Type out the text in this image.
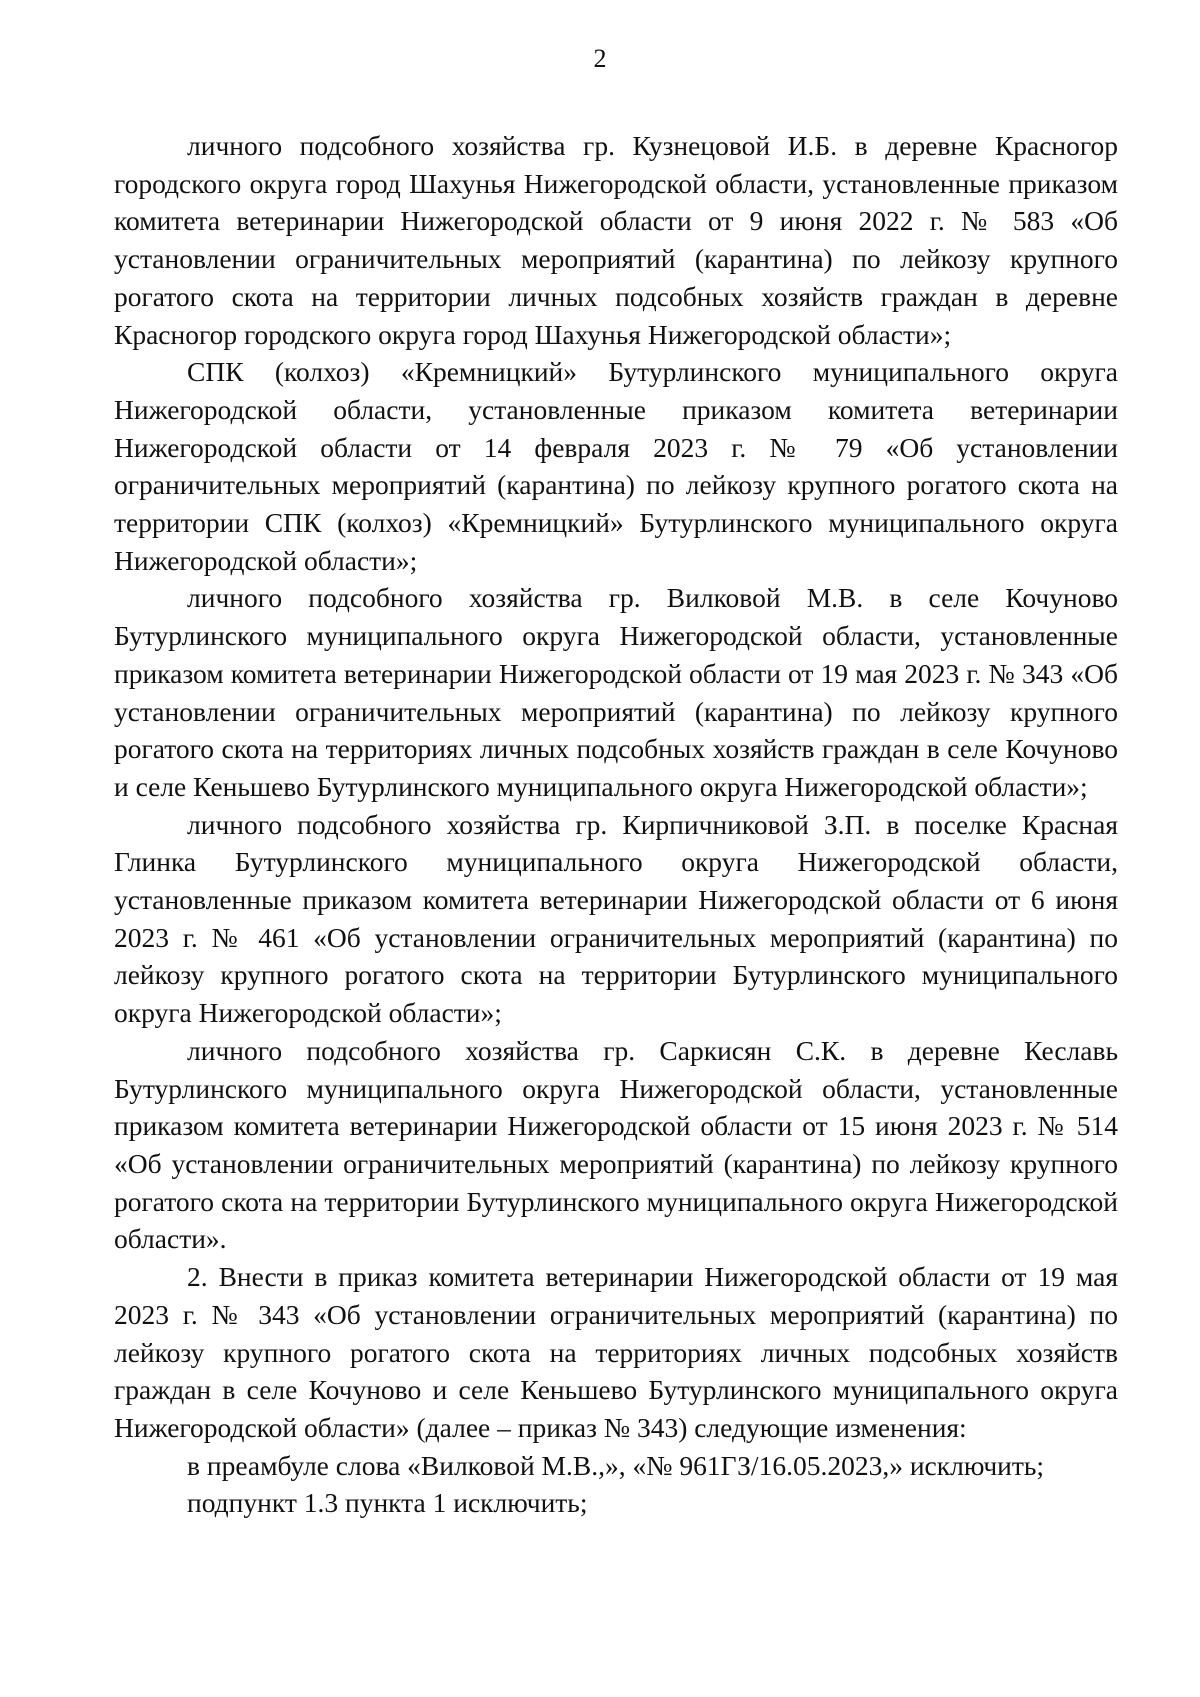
2

личного подсобного хозяйства гр. Кузнецовой И.Б. в деревне Красногор городского округа город Шахунья Нижегородской области, установленные приказом комитета ветеринарии Нижегородской области от 9 июня 2022 г. № 583 «Об установлении ограничительных мероприятий (карантина) по лейкозу крупного рогатого скота на территории личных подсобных хозяйств граждан в деревне Красногор городского округа город Шахунья Нижегородской области»;

СПК (колхоз) «Кремницкий» Бутурлинского муниципального округа Нижегородской области, установленные приказом комитета ветеринарии Нижегородской области от 14 февраля 2023 г. № 79 «Об установлении ограничительных мероприятий (карантина) по лейкозу крупного рогатого скота на территории СПК (колхоз) «Кремницкий» Бутурлинского муниципального округа Нижегородской области»;

личного подсобного хозяйства гр. Вилковой М.В. в селе Кочуново Бутурлинского муниципального округа Нижегородской области, установленные приказом комитета ветеринарии Нижегородской области от 19 мая 2023 г. № 343 «Об установлении ограничительных мероприятий (карантина) по лейкозу крупного рогатого скота на территориях личных подсобных хозяйств граждан в селе Кочуново и селе Кеньшево Бутурлинского муниципального округа Нижегородской области»;

личного подсобного хозяйства гр. Кирпичниковой З.П. в поселке Красная Глинка Бутурлинского муниципального округа Нижегородской области, установленные приказом комитета ветеринарии Нижегородской области от 6 июня 2023 г. № 461 «Об установлении ограничительных мероприятий (карантина) по лейкозу крупного рогатого скота на территории Бутурлинского муниципального округа Нижегородской области»;

личного подсобного хозяйства гр. Саркисян С.К. в деревне Кеславь Бутурлинского муниципального округа Нижегородской области, установленные приказом комитета ветеринарии Нижегородской области от 15 июня 2023 г. № 514 «Об установлении ограничительных мероприятий (карантина) по лейкозу крупного рогатого скота на территории Бутурлинского муниципального округа Нижегородской области».

2. Внести в приказ комитета ветеринарии Нижегородской области от 19 мая 2023 г. № 343 «Об установлении ограничительных мероприятий (карантина) по лейкозу крупного рогатого скота на территориях личных подсобных хозяйств граждан в селе Кочуново и селе Кеньшево Бутурлинского муниципального округа Нижегородской области» (далее – приказ № 343) следующие изменения:

в преамбуле слова «Вилковой М.В.,», «№ 961ГЗ/16.05.2023,» исключить;

подпункт 1.3 пункта 1 исключить;
